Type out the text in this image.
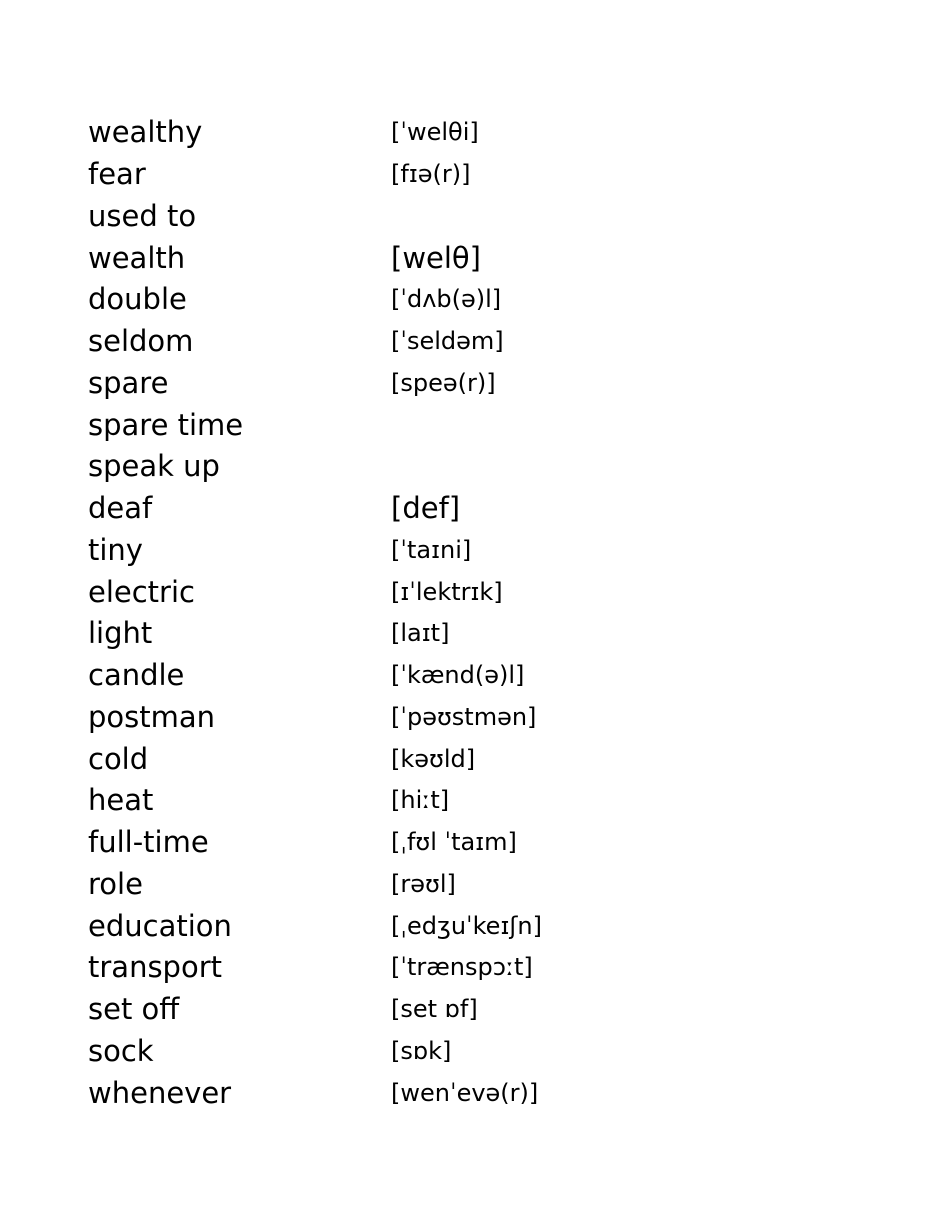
wealthy	[ˈwelθi]
fear	[fɪə(r)]
used to
wealth	[welθ]
double	[ˈdʌb(ə)l]
seldom	[ˈseldəm]
spare	[speə(r)]
spare time
speak up
deaf	[def]
tiny	[ˈtaɪni]
electric	[ɪˈlektrɪk]
light	[laɪt]
candle	[ˈkænd(ə)l]
postman	[ˈpəʊstmən]
cold	[kəʊld]
heat	[hiːt]
full-time	[ˌfʊl ˈtaɪm]
role	[rəʊl]
education	[ˌedʒuˈkeɪʃn]
transport	[ˈtrænspɔːt]
set off	[set ɒf]
sock	[sɒk]
whenever	[wenˈevə(r)]
